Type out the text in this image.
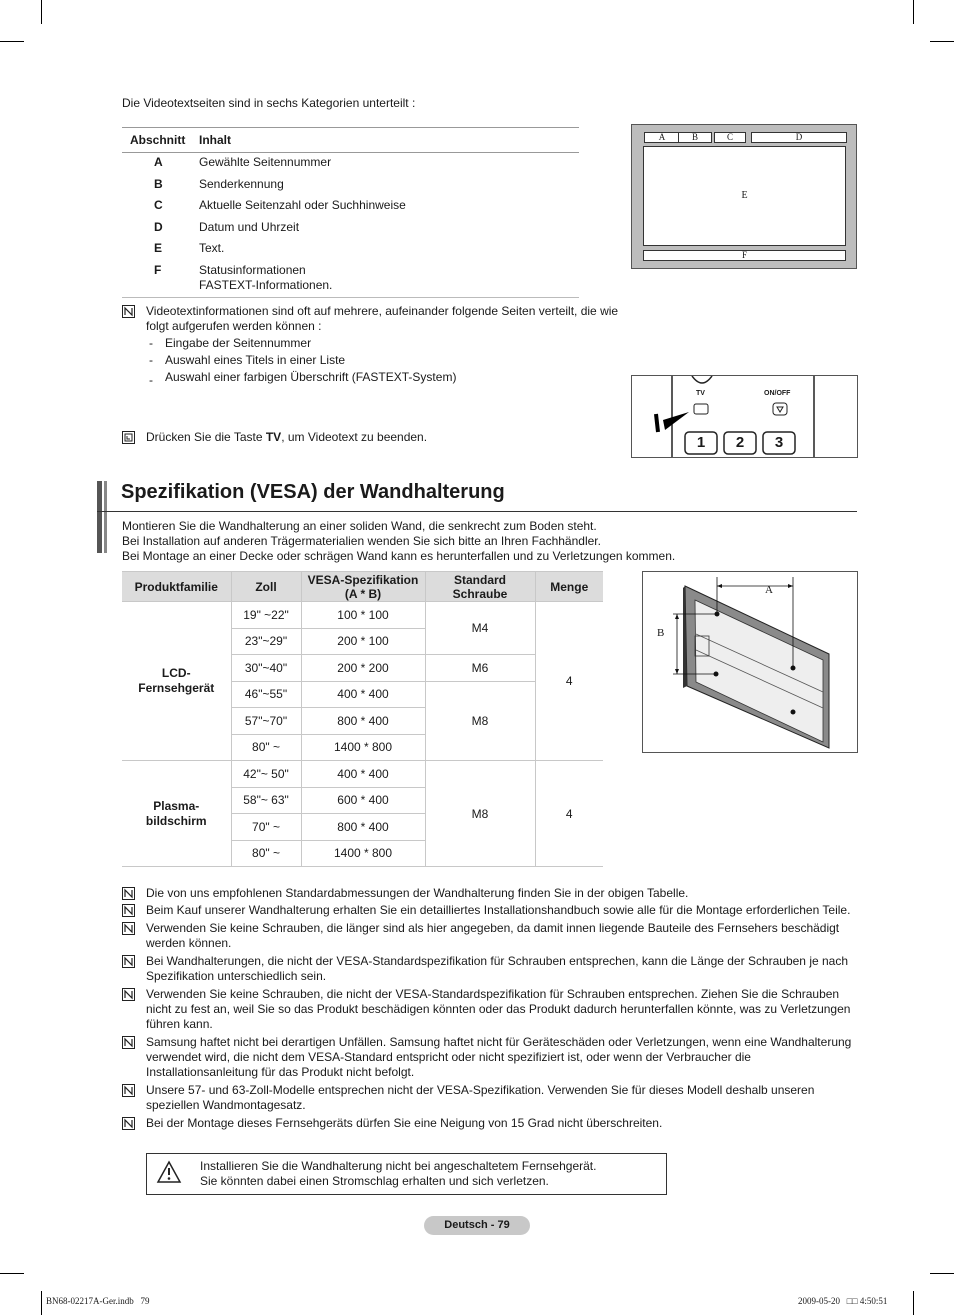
Die Videotextseiten sind in sechs Kategorien unterteilt :
Abschnitt Inhalt
A	Gewählte Seitennummer
B	Senderkennung
C	Aktuelle Seitenzahl oder Suchhinweise
D	Datum und Uhrzeit
E	Text.
F	Statusinformationen
FASTEXT-Informationen.
A	B	C	D
E
F
Videotextinformationen sind oft auf mehrere, aufeinander folgende Seiten verteilt, die wie folgt aufgerufen werden können :
- Eingabe der Seitennummer
- Auswahl eines Titels in einer Liste
- Auswahl einer farbigen Überschrift (FASTEXT-System)
Drücken Sie die Taste TV, um Videotext zu beenden.
TV	ON/OFF
1	2	3
Spezifikation (VESA) der Wandhalterung
Montieren Sie die Wandhalterung an einer soliden Wand, die senkrecht zum Boden steht.
Bei Installation auf anderen Trägermaterialien wenden Sie sich bitte an Ihren Fachhändler.
Bei Montage an einer Decke oder schrägen Wand kann es herunterfallen und zu Verletzungen kommen.
Produktfamilie	Zoll	VESA-Spezifikation (A * B)	Standard Schraube	Menge

LCD-Fernsehgerät	19" ~22"	100 * 100	M4	4
	23"~29"	200 * 100		
	30"~40"	200 * 200	M6	
	46"~55"	400 * 400	M8	
	57"~70"	800 * 400		
	80" ~	1400 * 800		

Plasma-bildschirm	42"~ 50"	400 * 400	M8	4
	58"~ 63"	600 * 400		
	70" ~	800 * 400		
	80" ~	1400 * 800		
A
B
Die von uns empfohlenen Standardabmessungen der Wandhalterung finden Sie in der obigen Tabelle.
Beim Kauf unserer Wandhalterung erhalten Sie ein detailliertes Installationshandbuch sowie alle für die Montage erforderlichen Teile.
Verwenden Sie keine Schrauben, die länger sind als hier angegeben, da damit innen liegende Bauteile des Fernsehers beschädigt werden können.
Bei Wandhalterungen, die nicht der VESA-Standardspezifikation für Schrauben entsprechen, kann die Länge der Schrauben je nach Spezifikation unterschiedlich sein.
Verwenden Sie keine Schrauben, die nicht der VESA-Standardspezifikation für Schrauben entsprechen. Ziehen Sie die Schrauben nicht zu fest an, weil Sie so das Produkt beschädigen könnten oder das Produkt dadurch herunterfallen könnte, was zu Verletzungen führen kann.
Samsung haftet nicht bei derartigen Unfällen. Samsung haftet nicht für Geräteschäden oder Verletzungen, wenn eine Wandhalterung verwendet wird, die nicht dem VESA-Standard entspricht oder nicht spezifiziert ist, oder wenn der Verbraucher die Installationsanleitung für das Produkt nicht befolgt.
Unsere 57- und 63-Zoll-Modelle entsprechen nicht der VESA-Spezifikation. Verwenden Sie für dieses Modell deshalb unseren speziellen Wandmontagesatz.
Bei der Montage dieses Fernsehgeräts dürfen Sie eine Neigung von 15 Grad nicht überschreiten.
Installieren Sie die Wandhalterung nicht bei angeschaltetem Fernsehgerät.
Sie könnten dabei einen Stromschlag erhalten und sich verletzen.
Deutsch - 79
BN68-02217A-Ger.indb   79	2009-05-20   □□ 4:50:51
